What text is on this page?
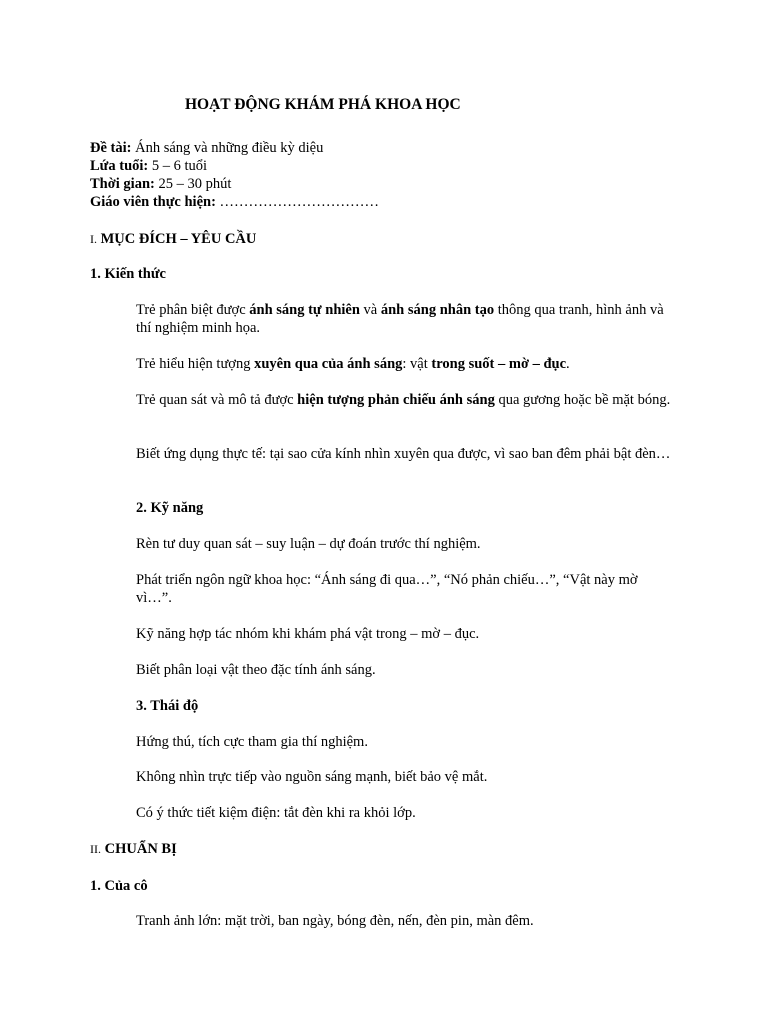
HOẠT ĐỘNG KHÁM PHÁ KHOA HỌC
Đề tài: Ánh sáng và những điều kỳ diệu
Lứa tuổi: 5 – 6 tuổi
Thời gian: 25 – 30 phút
Giáo viên thực hiện: ……………………………
I. MỤC ĐÍCH – YÊU CẦU
1. Kiến thức
Trẻ phân biệt được ánh sáng tự nhiên và ánh sáng nhân tạo thông qua tranh, hình ảnh và thí nghiệm minh họa.
Trẻ hiểu hiện tượng xuyên qua của ánh sáng: vật trong suốt – mờ – đục.
Trẻ quan sát và mô tả được hiện tượng phản chiếu ánh sáng qua gương hoặc bề mặt bóng.
Biết ứng dụng thực tế: tại sao cửa kính nhìn xuyên qua được, vì sao ban đêm phải bật đèn…
2. Kỹ năng
Rèn tư duy quan sát – suy luận – dự đoán trước thí nghiệm.
Phát triển ngôn ngữ khoa học: “Ánh sáng đi qua…”, “Nó phản chiếu…”, “Vật này mờ vì…”.
Kỹ năng hợp tác nhóm khi khám phá vật trong – mờ – đục.
Biết phân loại vật theo đặc tính ánh sáng.
3. Thái độ
Hứng thú, tích cực tham gia thí nghiệm.
Không nhìn trực tiếp vào nguồn sáng mạnh, biết bảo vệ mắt.
Có ý thức tiết kiệm điện: tắt đèn khi ra khỏi lớp.
II. CHUẨN BỊ
1. Của cô
Tranh ảnh lớn: mặt trời, ban ngày, bóng đèn, nến, đèn pin, màn đêm.
